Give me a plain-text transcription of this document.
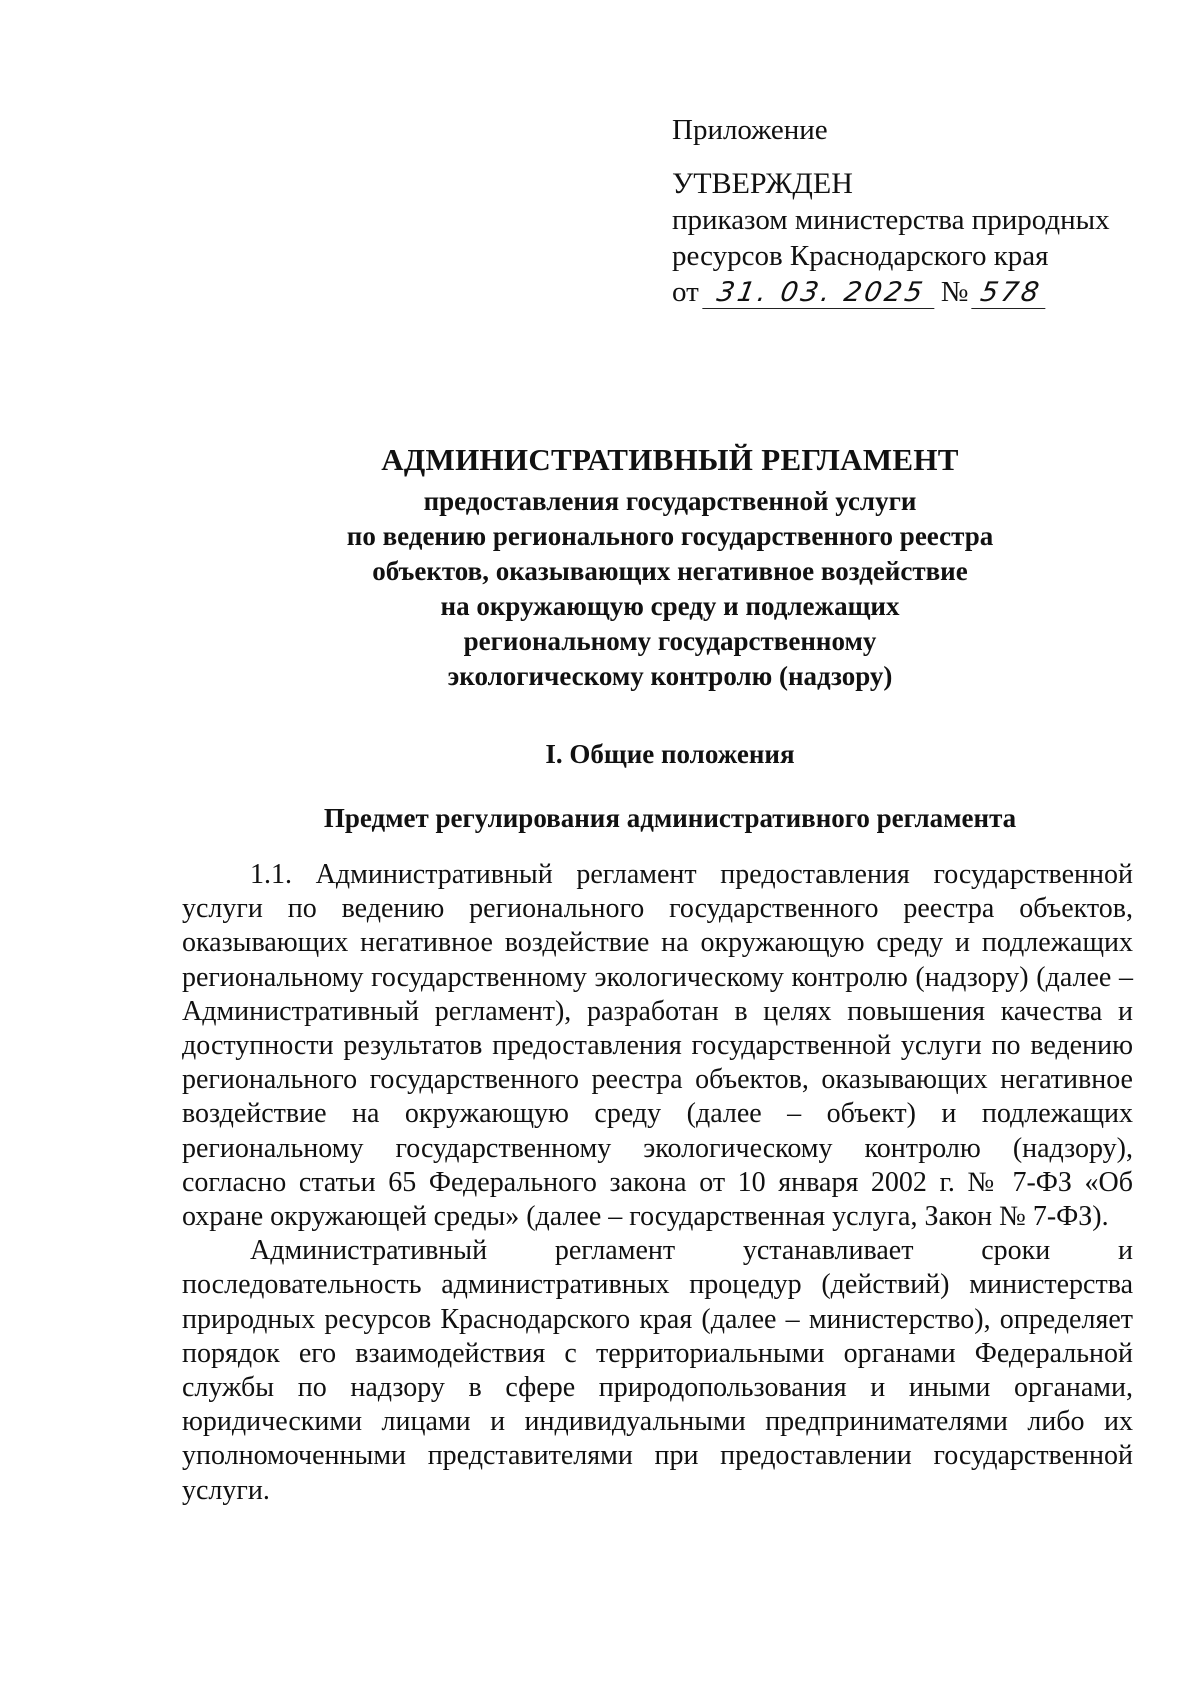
Приложение

УТВЕРЖДЕН

приказом министерства природных

ресурсов Краснодарского края

от 31. 03. 2025 № 578

АДМИНИСТРАТИВНЫЙ РЕГЛАМЕНТ

предоставления государственной услуги

по ведению регионального государственного реестра

объектов, оказывающих негативное воздействие

на окружающую среду и подлежащих

региональному государственному

экологическому контролю (надзору)

I. Общие положения

Предмет регулирования административного регламента

1.1. Административный регламент предоставления государственной услуги по ведению регионального государственного реестра объектов, оказывающих негативное воздействие на окружающую среду и подлежащих региональному государственному экологическому контролю (надзору) (далее – Административный регламент), разработан в целях повышения качества и доступности результатов предоставления государственной услуги по ведению регионального государственного реестра объектов, оказывающих негативное воздействие на окружающую среду (далее – объект) и подлежащих региональному государственному экологическому контролю (надзору), согласно статьи 65 Федерального закона от 10 января 2002 г. № 7-ФЗ «Об охране окружающей среды» (далее – государственная услуга, Закон № 7-ФЗ).

Административный регламент устанавливает сроки и последовательность административных процедур (действий) министерства природных ресурсов Краснодарского края (далее – министерство), определяет порядок его взаимодействия с территориальными органами Федеральной службы по надзору в сфере природопользования и иными органами, юридическими лицами и индивидуальными предпринимателями либо их уполномоченными представителями при предоставлении государственной услуги.
